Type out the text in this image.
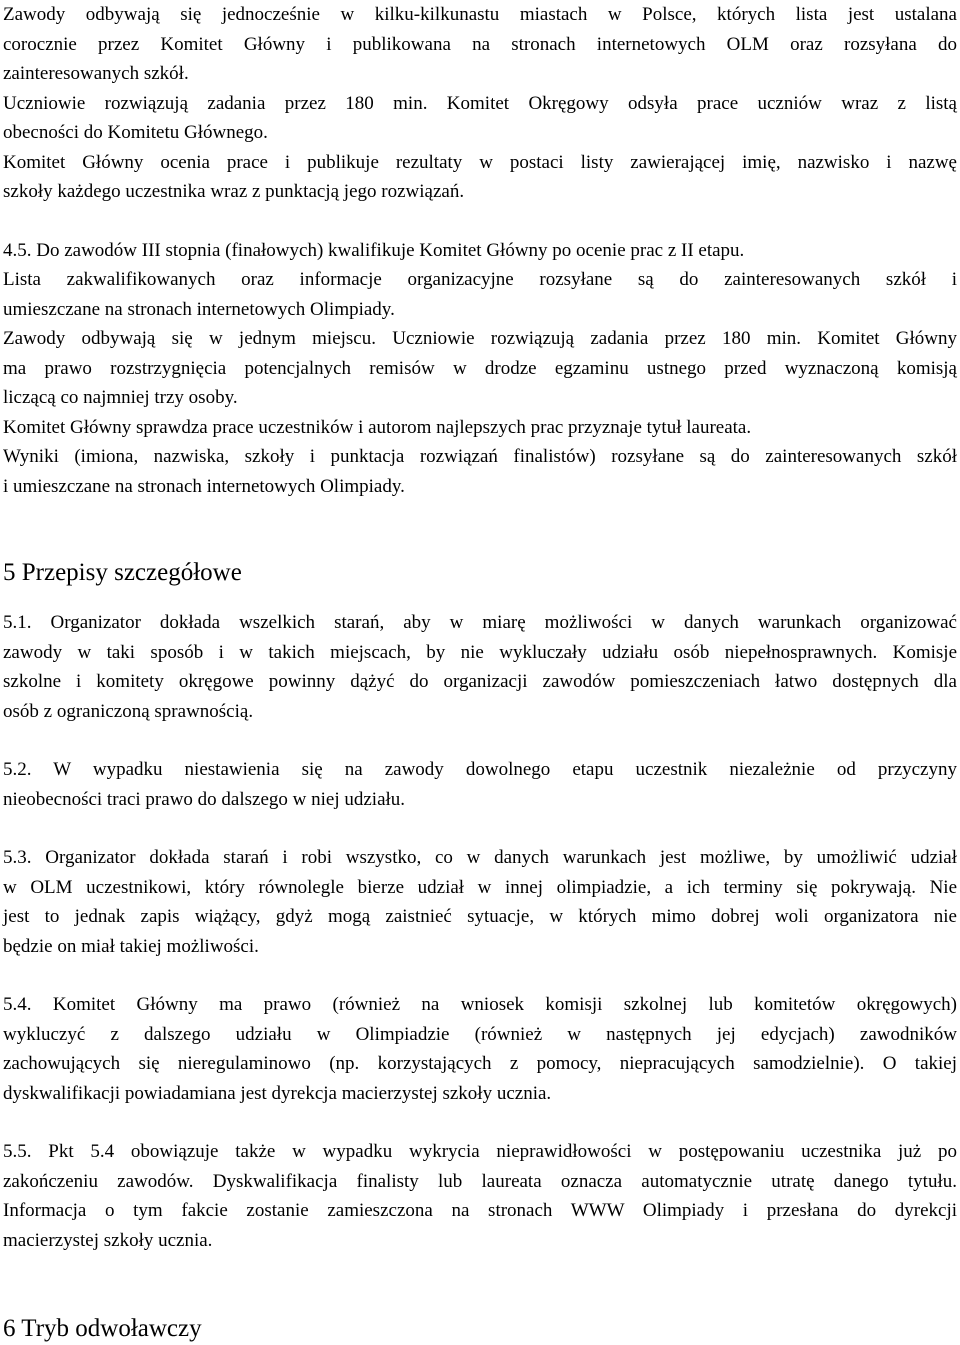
Zawody odbywają się jednocześnie w kilku-kilkunastu miastach w Polsce, których lista jest ustalana
corocznie przez Komitet Główny i publikowana na stronach internetowych OLM oraz rozsyłana do
zainteresowanych szkół.

Uczniowie rozwiązują zadania przez 180 min. Komitet Okręgowy odsyła prace uczniów wraz z listą
obecności do Komitetu Głównego.

Komitet Główny ocenia prace i publikuje rezultaty w postaci listy zawierającej imię, nazwisko i nazwę
szkoły każdego uczestnika wraz z punktacją jego rozwiązań.

4.5. Do zawodów III stopnia (finałowych) kwalifikuje Komitet Główny po ocenie prac z II etapu.

Lista zakwalifikowanych oraz informacje organizacyjne rozsyłane są do zainteresowanych szkół i
umieszczane na stronach internetowych Olimpiady.

Zawody odbywają się w jednym miejscu. Uczniowie rozwiązują zadania przez 180 min. Komitet Główny
ma prawo rozstrzygnięcia potencjalnych remisów w drodze egzaminu ustnego przed wyznaczoną komisją
liczącą co najmniej trzy osoby.

Komitet Główny sprawdza prace uczestników i autorom najlepszych prac przyznaje tytuł laureata.

Wyniki (imiona, nazwiska, szkoły i punktacja rozwiązań finalistów) rozsyłane są do zainteresowanych szkół
i umieszczane na stronach internetowych Olimpiady.

5 Przepisy szczegółowe

5.1. Organizator dokłada wszelkich starań, aby w miarę możliwości w danych warunkach organizować
zawody w taki sposób i w takich miejscach, by nie wykluczały udziału osób niepełnosprawnych. Komisje
szkolne i komitety okręgowe powinny dążyć do organizacji zawodów pomieszczeniach łatwo dostępnych dla
osób z ograniczoną sprawnością.

5.2. W wypadku niestawienia się na zawody dowolnego etapu uczestnik niezależnie od przyczyny
nieobecności traci prawo do dalszego w niej udziału.

5.3. Organizator dokłada starań i robi wszystko, co w danych warunkach jest możliwe, by umożliwić udział
w OLM uczestnikowi, który równolegle bierze udział w innej olimpiadzie, a ich terminy się pokrywają. Nie
jest to jednak zapis wiążący, gdyż mogą zaistnieć sytuacje, w których mimo dobrej woli organizatora nie
będzie on miał takiej możliwości.

5.4. Komitet Główny ma prawo (również na wniosek komisji szkolnej lub komitetów okręgowych)
wykluczyć z dalszego udziału w Olimpiadzie (również w następnych jej edycjach) zawodników
zachowujących się nieregulaminowo (np. korzystających z pomocy, niepracujących samodzielnie). O takiej
dyskwalifikacji powiadamiana jest dyrekcja macierzystej szkoły ucznia.

5.5. Pkt 5.4 obowiązuje także w wypadku wykrycia nieprawidłowości w postępowaniu uczestnika już po
zakończeniu zawodów. Dyskwalifikacja finalisty lub laureata oznacza automatycznie utratę danego tytułu.
Informacja o tym fakcie zostanie zamieszczona na stronach WWW Olimpiady i przesłana do dyrekcji
macierzystej szkoły ucznia.

6 Tryb odwoławczy
